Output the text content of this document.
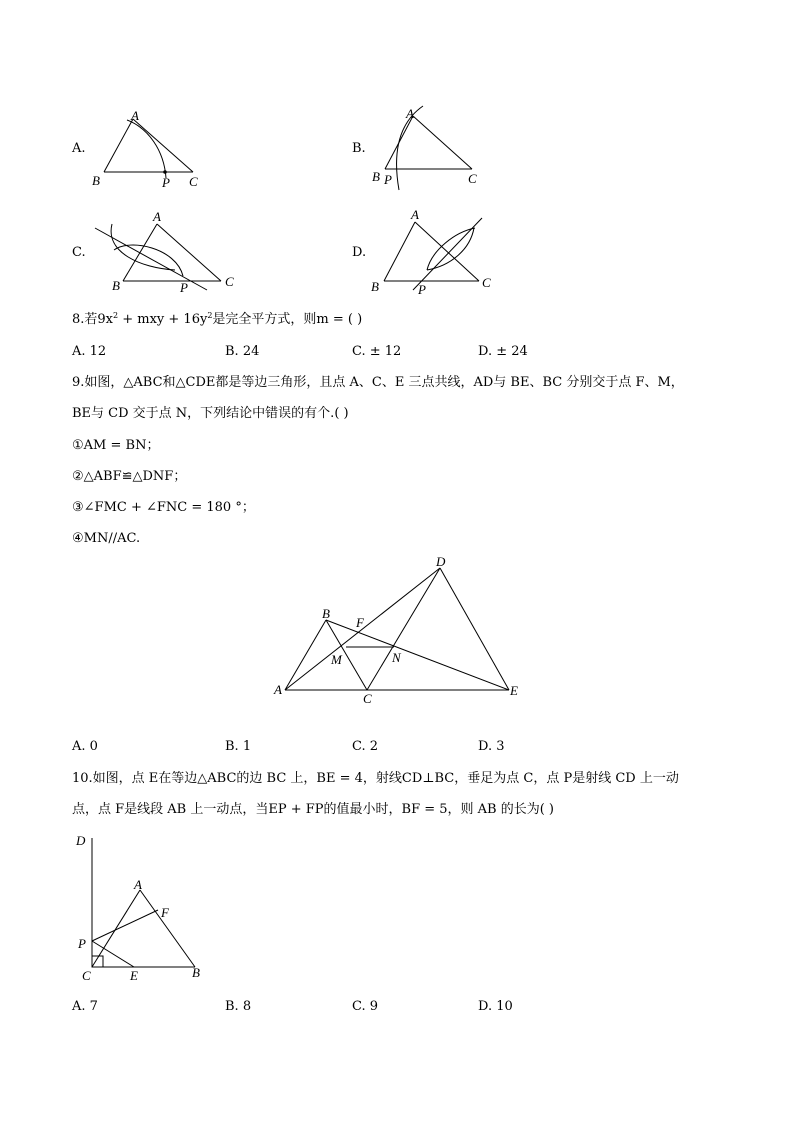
A.
A
B	P C
B.
A
B P	C
C.
A
B	P	C
D.
A
B	P	C
8.若$9x^2$ + mxy + $16y^2$是完全平方式，则m = ( )
A. 12	B. 24	C. ± 12	D. ± 24
9.如图，△ABC和△CDE都是等边三角形，且点 A、C、E 三点共线，AD与 BE、BC 分别交于点 F、M，
BE与 CD 交于点 N，下列结论中错误的有个.( )
①AM = BN；
②△ABF≌△DNF；
③∠FMC + ∠FNC = 180 °；
④MN//AC.
A
B
C
D
E
F
M	N
A. 0	B. 1	C. 2	D. 3
10.如图，点 E在等边△ABC的边 BC 上，BE = 4，射线CD⊥BC，垂足为点 C，点 P是射线 CD 上一动
点，点 F是线段 AB 上一动点，当EP + FP的值最小时，BF = 5，则 AB 的长为( )
D
A
F
P
C	E	B
A. 7	B. 8	C. 9	D. 10
